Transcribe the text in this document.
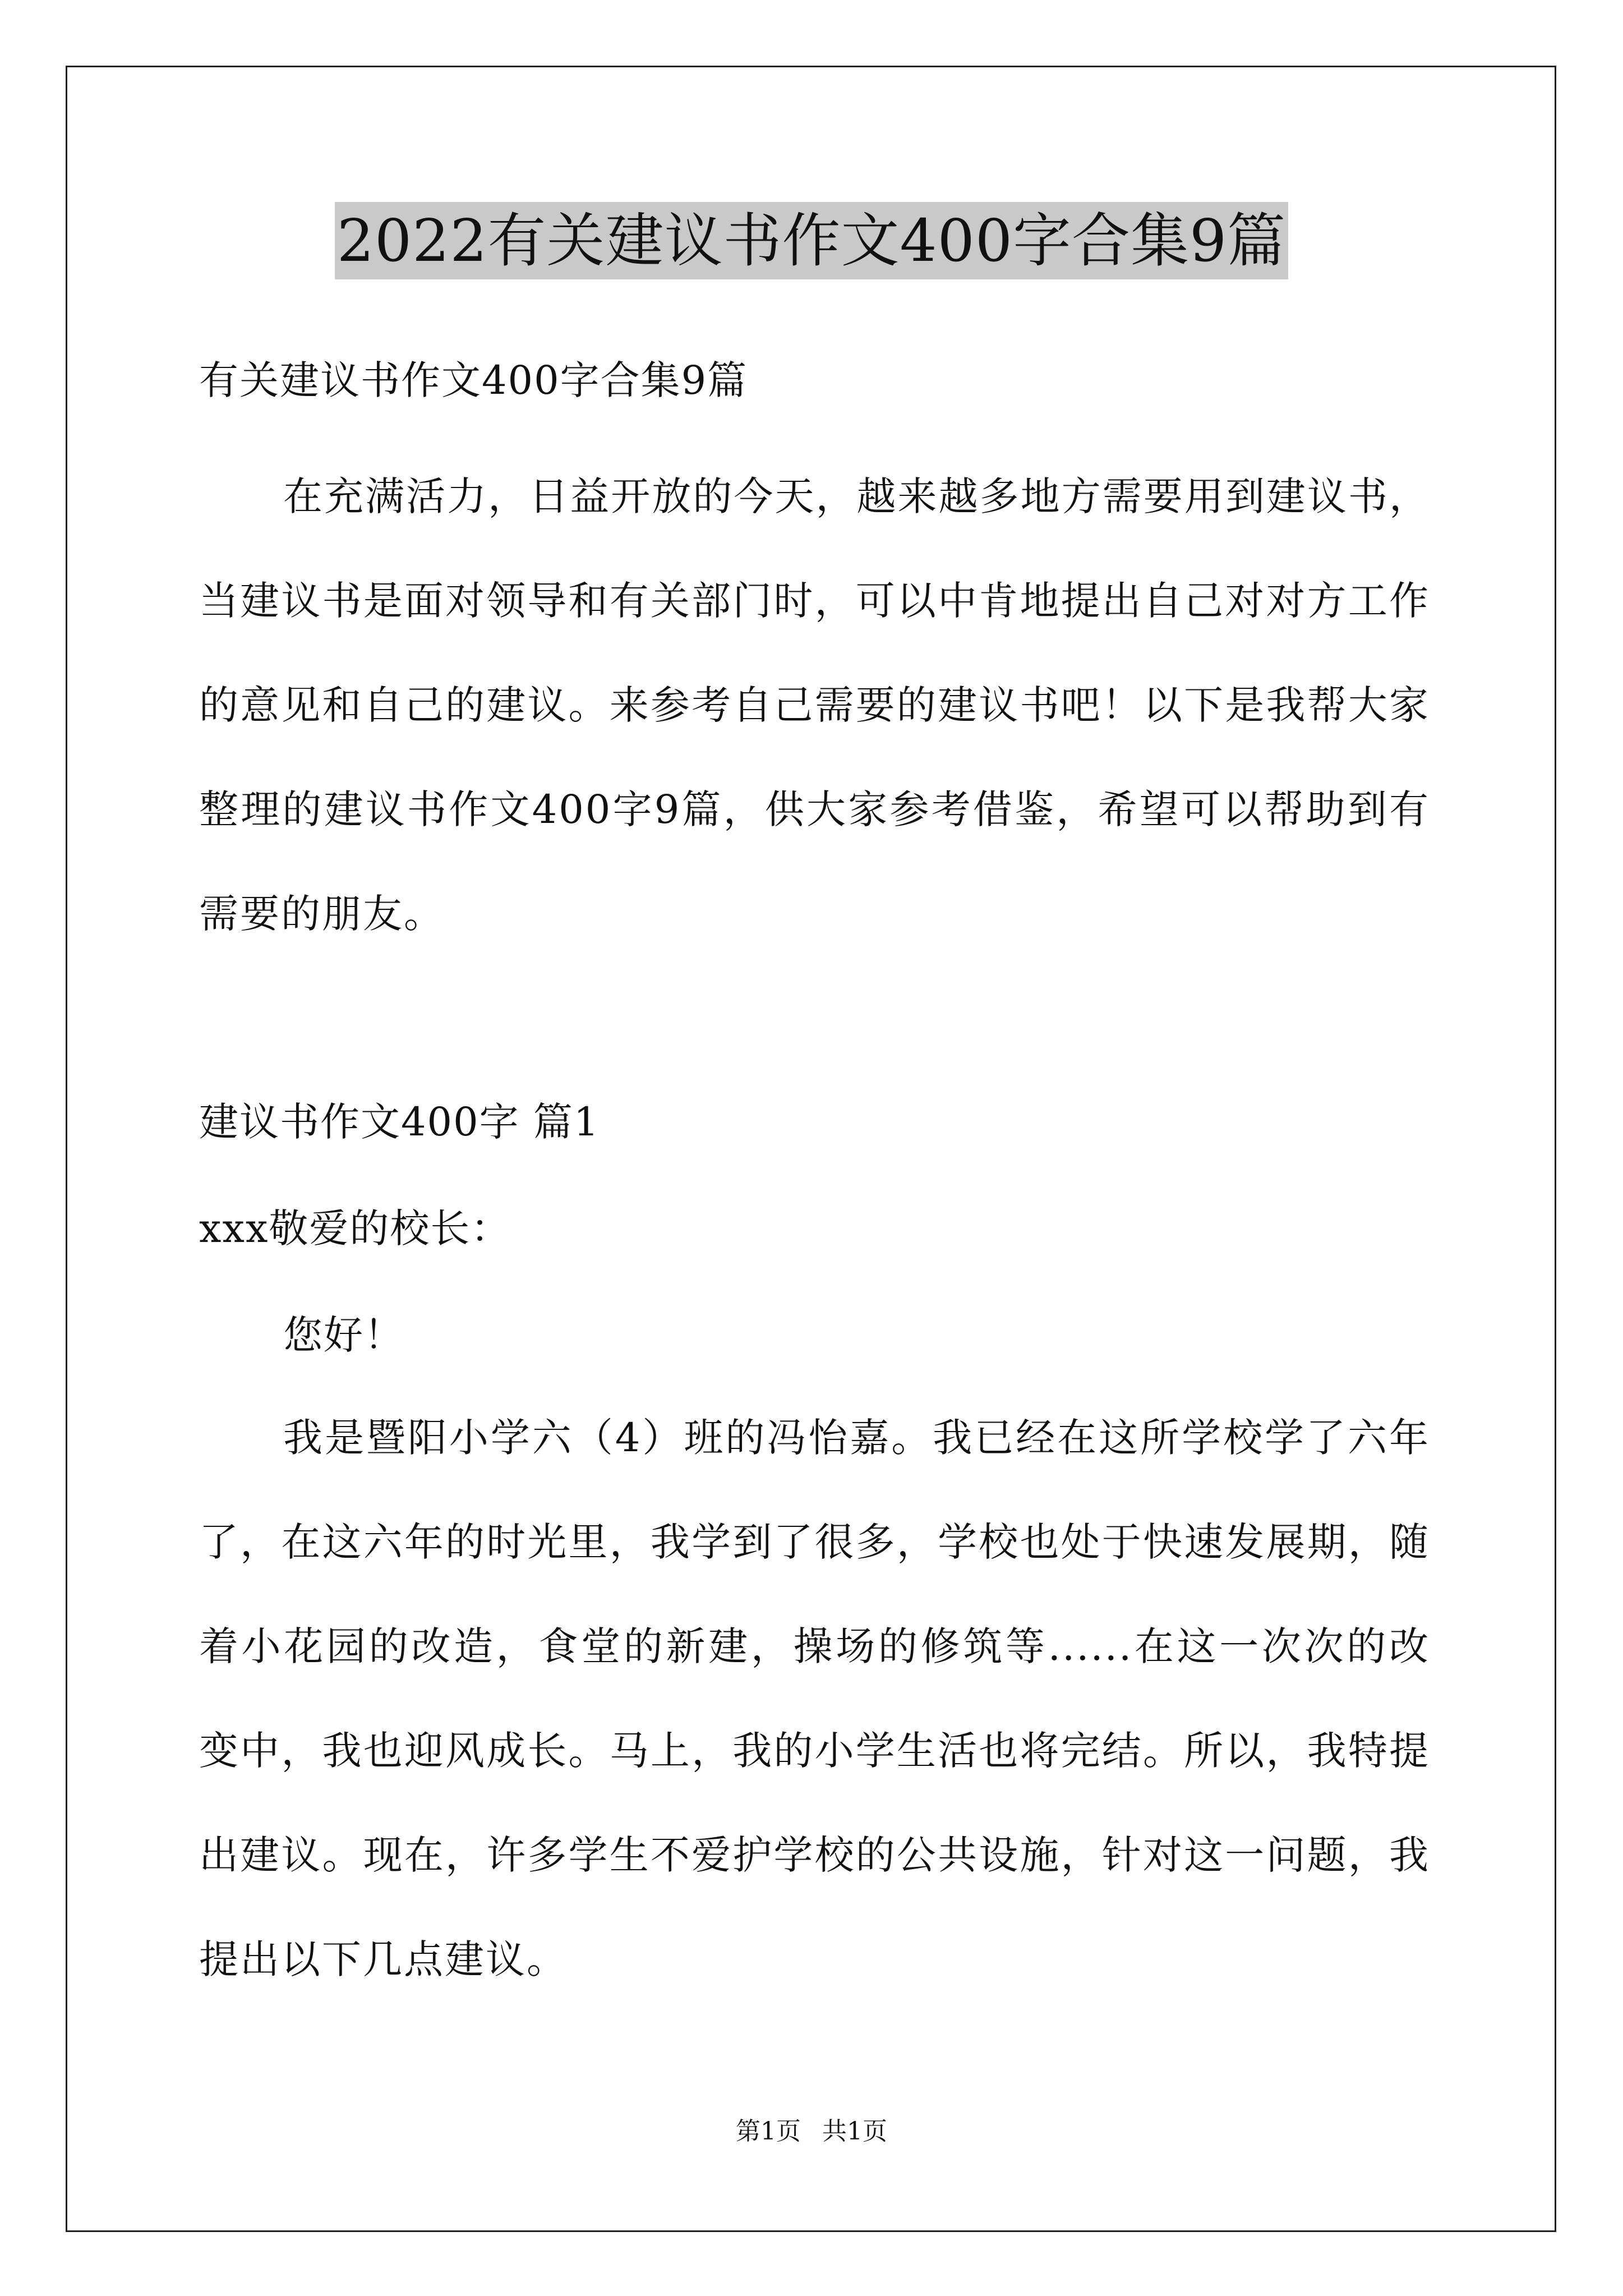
2022有关建议书作文400字合集9篇
有关建议书作文400字合集9篇
在充满活力，日益开放的今天，越来越多地方需要用到建议书，当建议书是面对领导和有关部门时，可以中肯地提出自己对对方工作的意见和自己的建议。来参考自己需要的建议书吧！以下是我帮大家整理的建议书作文400字9篇，供大家参考借鉴，希望可以帮助到有需要的朋友。
建议书作文400字 篇1
xxx敬爱的校长：
您好！
我是暨阳小学六（4）班的冯怡嘉。我已经在这所学校学了六年了，在这六年的时光里，我学到了很多，学校也处于快速发展期，随着小花园的改造，食堂的新建，操场的修筑等......在这一次次的改变中，我也迎风成长。马上，我的小学生活也将完结。所以，我特提出建议。现在，许多学生不爱护学校的公共设施，针对这一问题，我提出以下几点建议。
第1页 共1页
